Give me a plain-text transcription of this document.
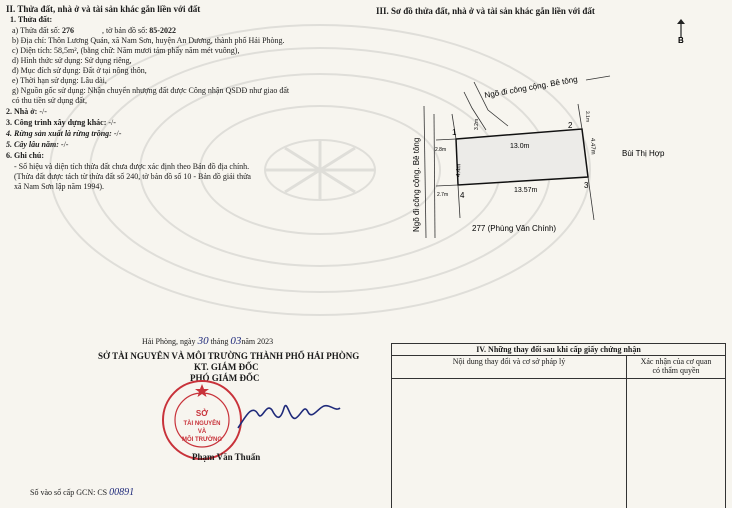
II. Thửa đất, nhà ở và tài sản khác gắn liền với đất
1. Thửa đất:
a) Thửa đất số: 276	, tờ bản đồ số: 85-2022
b) Địa chỉ: Thôn Lương Quán, xã Nam Sơn, huyện An Dương, thành phố Hải Phòng.
c) Diện tích: 58,5m², (bằng chữ: Năm mươi tám phẩy năm mét vuông),
d) Hình thức sử dụng: Sử dụng riêng,
đ) Mục đích sử dụng: Đất ở tại nông thôn,
e) Thời hạn sử dụng: Lâu dài,
g) Nguồn gốc sử dụng: Nhận chuyển nhượng đất được Công nhận QSDĐ như giao đất
có thu tiền sử dụng đất,
2. Nhà ở: -/-
3. Công trình xây dựng khác: -/-
4. Rừng sản xuất là rừng trồng: -/-
5. Cây lâu năm: -/-
6. Ghi chú:
- Số hiệu và diện tích thửa đất chưa được xác định theo Bản đồ địa chính.
(Thửa đất được tách từ thửa đất số 240, tờ bản đồ số 10 - Bản đồ giải thửa
xã Nam Sơn lập năm 1994).
III. Sơ đồ thửa đất, nhà ở và tài sản khác gắn liền với đất
B
Ngõ đi công cộng. Bê tông
Ngõ đi công cộng. Bê tông
1
2
3
4
13.0m
13.57m
4.4m
4.47m
3.2m
2.8m
2.7m
3.1m
Bùi Thị Hợp
277 (Phùng Văn Chính)
Hải Phòng, ngày 30 tháng 03năm 2023
SỞ TÀI NGUYÊN VÀ MÔI TRƯỜNG THÀNH PHỐ HẢI PHÒNG
KT. GIÁM ĐỐC
PHÓ GIÁM ĐỐC
SỞ
TÀI NGUYÊN
VÀ
MÔI TRƯỜNG
Phạm Văn Thuấn
Số vào sổ cấp GCN: CS 00891
IV. Những thay đổi sau khi cấp giấy chứng nhận	
Nội dung thay đổi và cơ sở pháp lý	Xác nhận của cơ quan
có thẩm quyền
